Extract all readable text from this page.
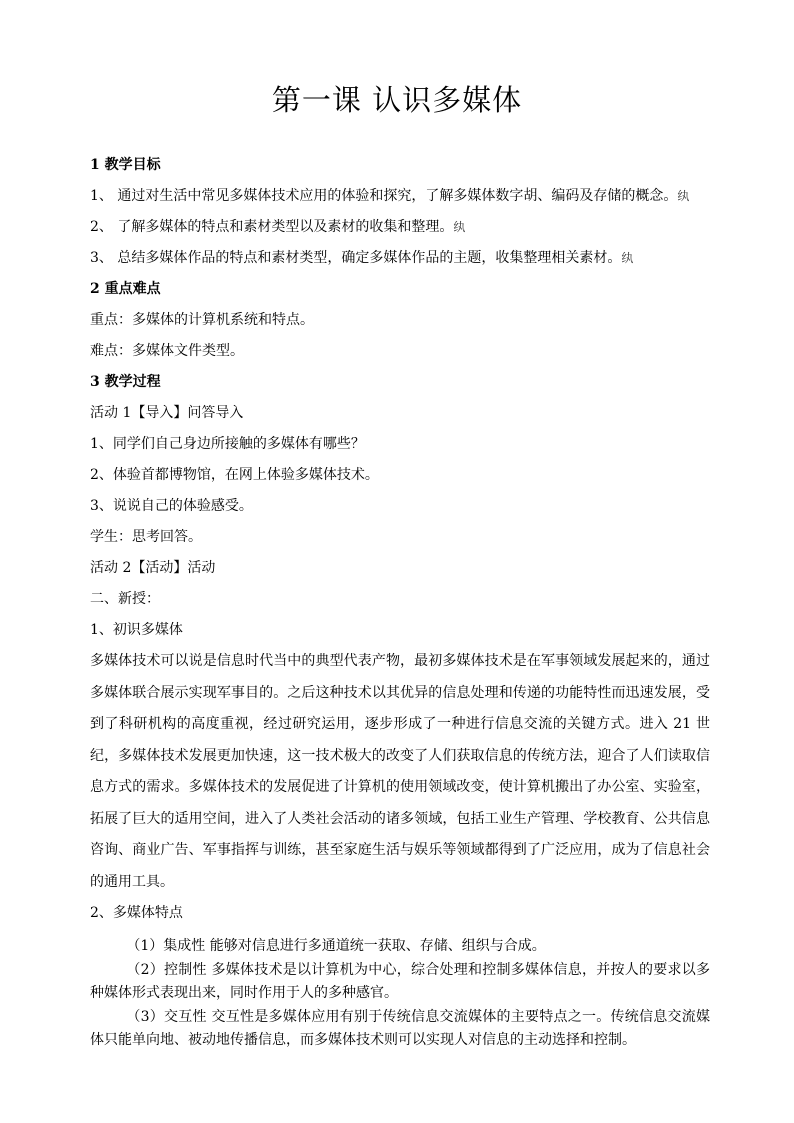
第一课 认识多媒体

1 教学目标

1、 通过对生活中常见多媒体技术应用的体验和探究，了解多媒体数字胡、编码及存储的概念。纨

2、 了解多媒体的特点和素材类型以及素材的收集和整理。纨

3、 总结多媒体作品的特点和素材类型，确定多媒体作品的主题，收集整理相关素材。纨

2 重点难点

重点：多媒体的计算机系统和特点。

难点：多媒体文件类型。

3 教学过程

活动 1【导入】问答导入

1、同学们自己身边所接触的多媒体有哪些？

2、体验首都博物馆，在网上体验多媒体技术。

3、说说自己的体验感受。

学生：思考回答。

活动 2【活动】活动

二、新授：

1、初识多媒体

多媒体技术可以说是信息时代当中的典型代表产物，最初多媒体技术是在军事领域发展起来的，通过多媒体联合展示实现军事目的。之后这种技术以其优异的信息处理和传递的功能特性而迅速发展，受到了科研机构的高度重视，经过研究运用，逐步形成了一种进行信息交流的关键方式。进入 21 世纪，多媒体技术发展更加快速，这一技术极大的改变了人们获取信息的传统方法，迎合了人们读取信息方式的需求。多媒体技术的发展促进了计算机的使用领域改变，使计算机搬出了办公室、实验室，拓展了巨大的适用空间，进入了人类社会活动的诸多领域，包括工业生产管理、学校教育、公共信息咨询、商业广告、军事指挥与训练，甚至家庭生活与娱乐等领域都得到了广泛应用，成为了信息社会的通用工具。

2、多媒体特点

（1）集成性 能够对信息进行多通道统一获取、存储、组织与合成。

（2）控制性 多媒体技术是以计算机为中心，综合处理和控制多媒体信息，并按人的要求以多种媒体形式表现出来，同时作用于人的多种感官。

（3）交互性 交互性是多媒体应用有别于传统信息交流媒体的主要特点之一。传统信息交流媒体只能单向地、被动地传播信息，而多媒体技术则可以实现人对信息的主动选择和控制。
